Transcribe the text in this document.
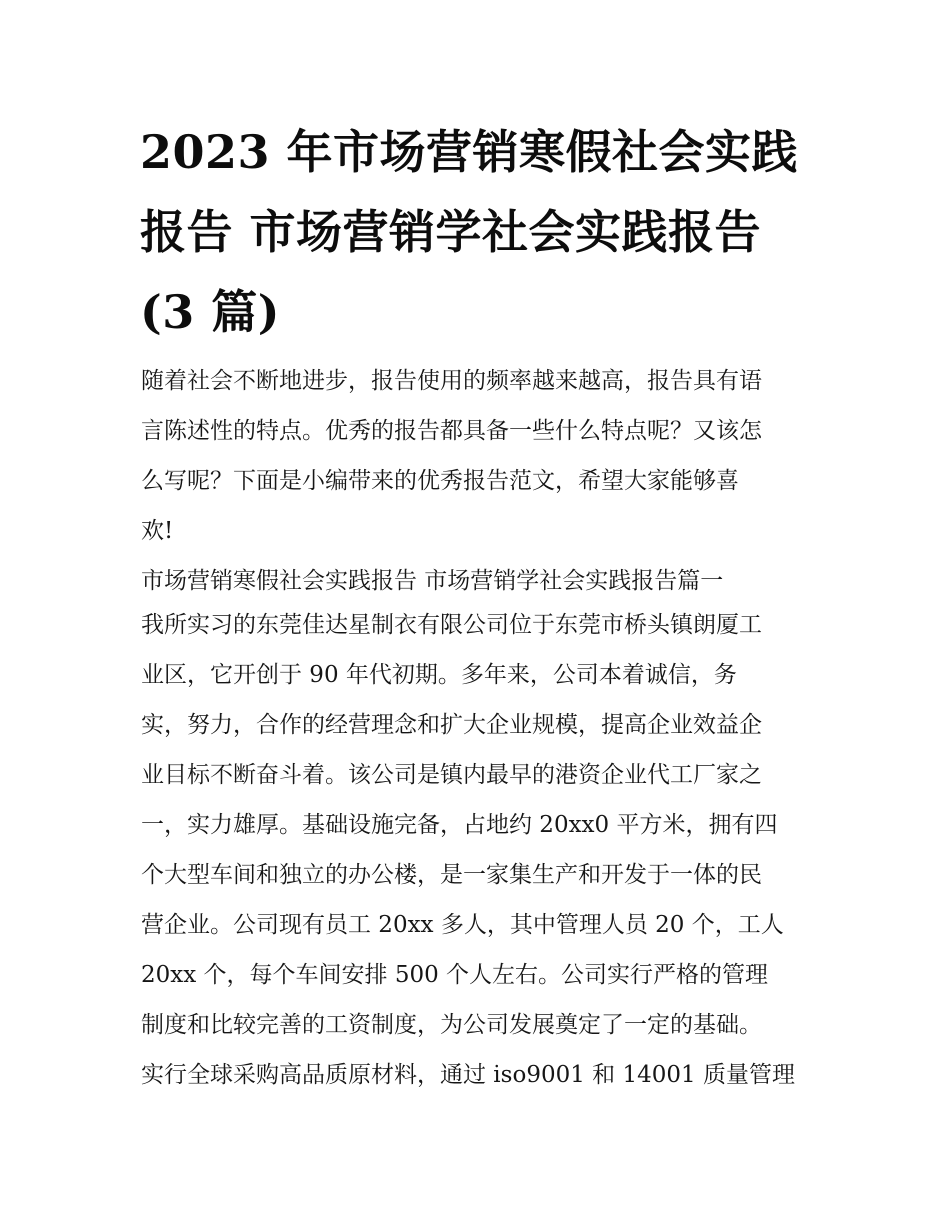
2023 年市场营销寒假社会实践
报告 市场营销学社会实践报告
(3 篇)
随着社会不断地进步，报告使用的频率越来越高，报告具有语
言陈述性的特点。优秀的报告都具备一些什么特点呢？又该怎
么写呢？下面是小编带来的优秀报告范文，希望大家能够喜
欢!
市场营销寒假社会实践报告 市场营销学社会实践报告篇一
我所实习的东莞佳达星制衣有限公司位于东莞市桥头镇朗厦工
业区，它开创于 90 年代初期。多年来，公司本着诚信，务
实，努力，合作的经营理念和扩大企业规模，提高企业效益企
业目标不断奋斗着。该公司是镇内最早的港资企业代工厂家之
一，实力雄厚。基础设施完备，占地约 20xx0 平方米，拥有四
个大型车间和独立的办公楼，是一家集生产和开发于一体的民
营企业。公司现有员工 20xx 多人，其中管理人员 20 个，工人
20xx 个，每个车间安排 500 个人左右。公司实行严格的管理
制度和比较完善的工资制度，为公司发展奠定了一定的基础。
实行全球采购高品质原材料，通过 iso9001 和 14001 质量管理
